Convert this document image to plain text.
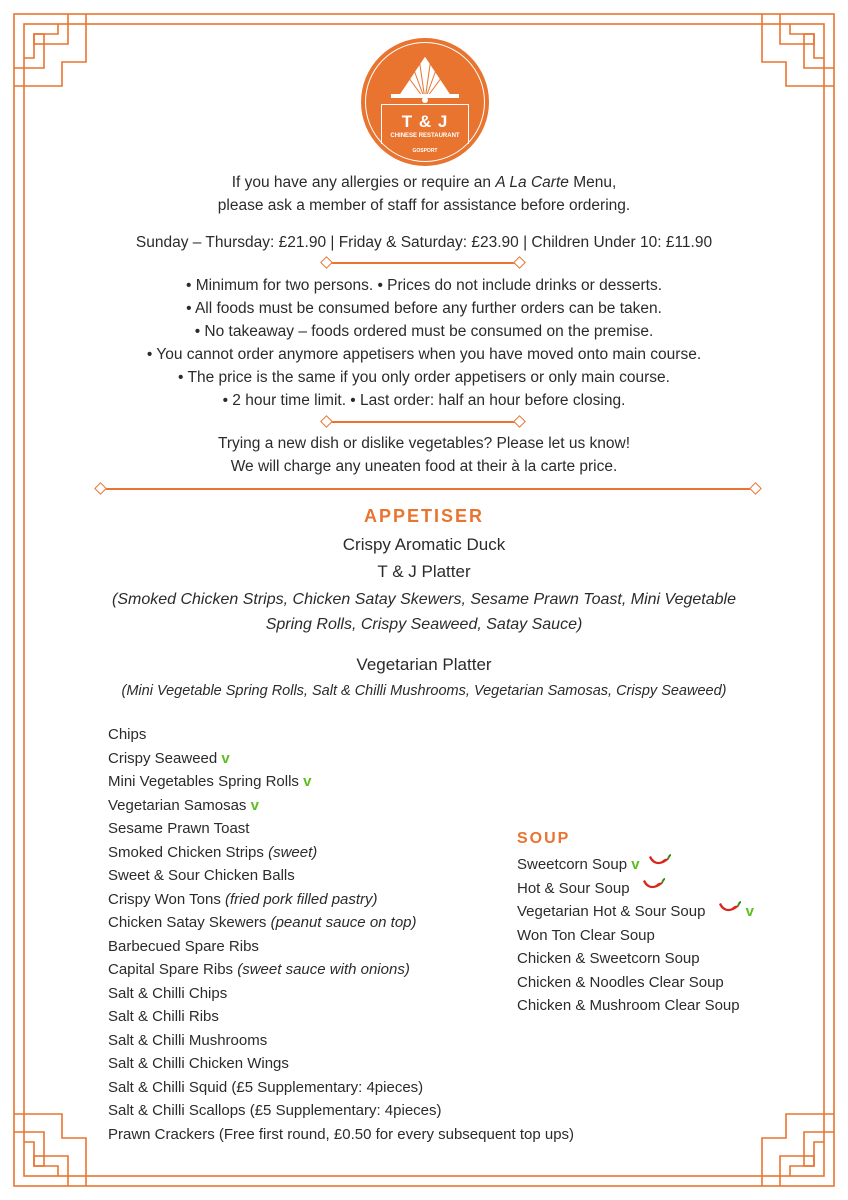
T & J
CHINESE RESTAURANT
GOSPORT
If you have any allergies or require an A La Carte Menu,
please ask a member of staff for assistance before ordering.
Sunday – Thursday: £21.90 | Friday & Saturday: £23.90 | Children Under 10: £11.90
• Minimum for two persons. • Prices do not include drinks or desserts.
• All foods must be consumed before any further orders can be taken.
• No takeaway – foods ordered must be consumed on the premise.
• You cannot order anymore appetisers when you have moved onto main course.
• The price is the same if you only order appetisers or only main course.
• 2 hour time limit. • Last order: half an hour before closing.
Trying a new dish or dislike vegetables? Please let us know!
We will charge any uneaten food at their à la carte price.
APPETISER
Crispy Aromatic Duck
T & J Platter
(Smoked Chicken Strips, Chicken Satay Skewers, Sesame Prawn Toast, Mini Vegetable
Spring Rolls, Crispy Seaweed, Satay Sauce)
Vegetarian Platter
(Mini Vegetable Spring Rolls, Salt & Chilli Mushrooms, Vegetarian Samosas, Crispy Seaweed)
Chips
Crispy Seaweed v
Mini Vegetables Spring Rolls v
Vegetarian Samosas v
Sesame Prawn Toast
Smoked Chicken Strips (sweet)
Sweet & Sour Chicken Balls
Crispy Won Tons (fried pork filled pastry)
Chicken Satay Skewers (peanut sauce on top)
Barbecued Spare Ribs
Capital Spare Ribs (sweet sauce with onions)
Salt & Chilli Chips
Salt & Chilli Ribs
Salt & Chilli Mushrooms
Salt & Chilli Chicken Wings
Salt & Chilli Squid (£5 Supplementary: 4pieces)
Salt & Chilli Scallops (£5 Supplementary: 4pieces)
Prawn Crackers (Free first round, £0.50 for every subsequent top ups)
SOUP
Sweetcorn Soup v
Hot & Sour Soup
Vegetarian Hot & Sour Soup v
Won Ton Clear Soup
Chicken & Sweetcorn Soup
Chicken & Noodles Clear Soup
Chicken & Mushroom Clear Soup
